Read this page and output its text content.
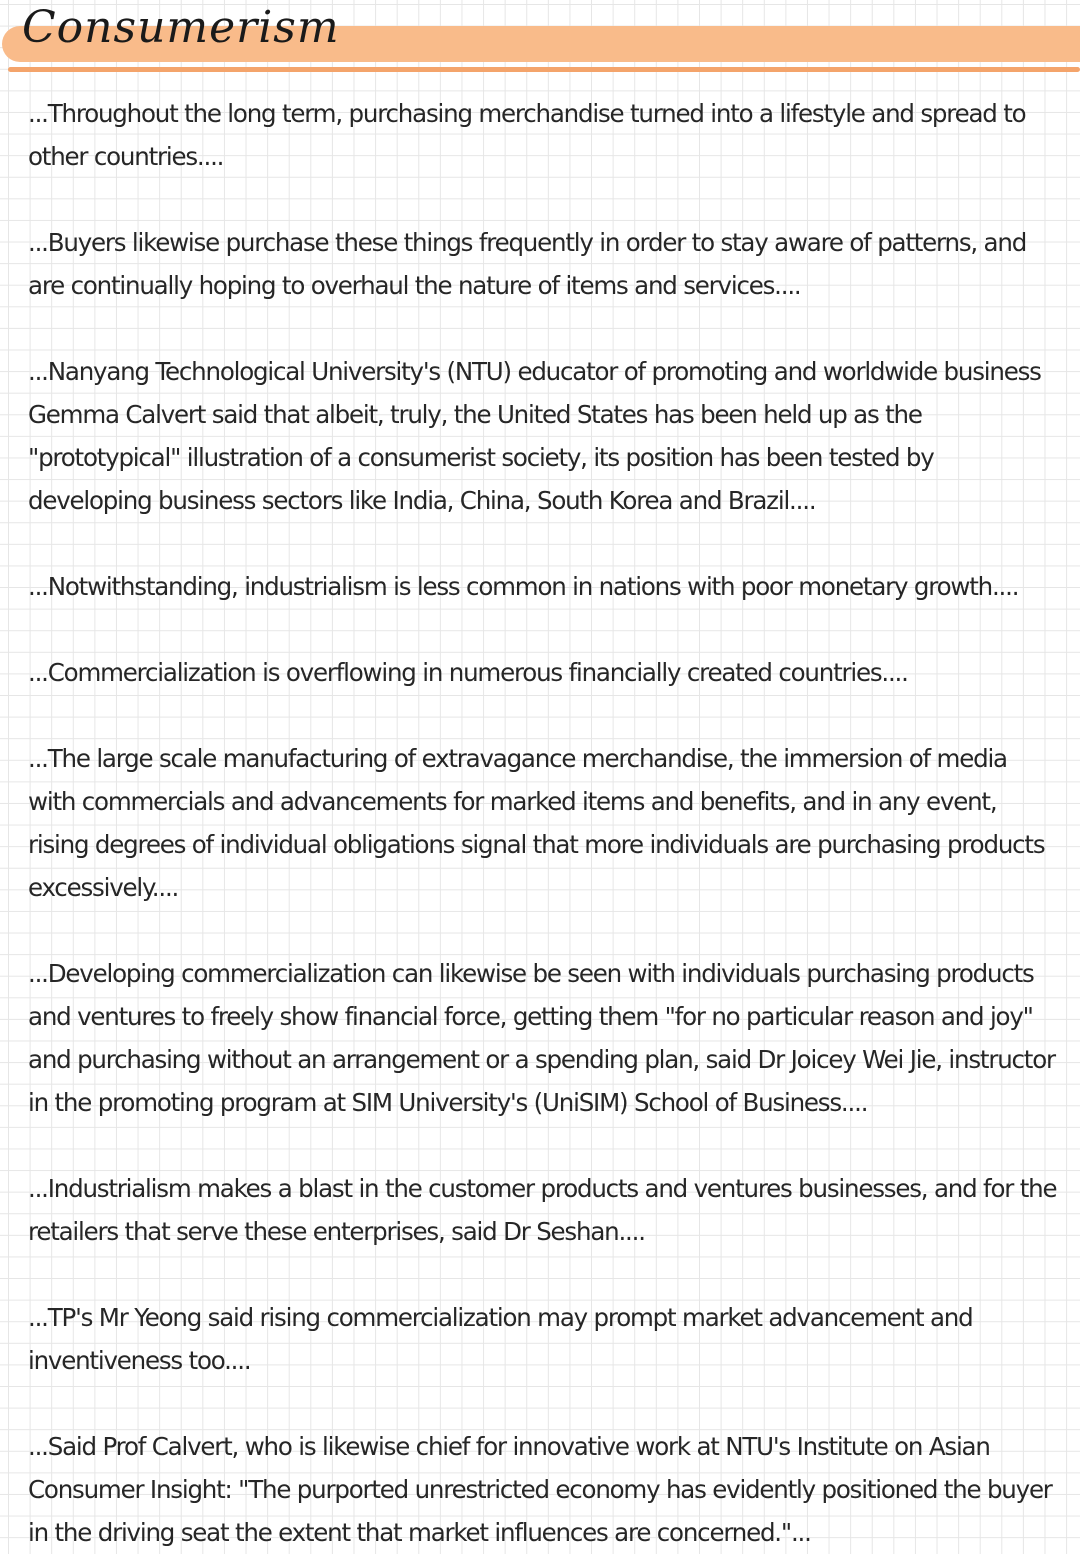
Consumerism

...Throughout the long term, purchasing merchandise turned into a lifestyle and spread to other countries....

...Buyers likewise purchase these things frequently in order to stay aware of patterns, and are continually hoping to overhaul the nature of items and services....

...Nanyang Technological University's (NTU) educator of promoting and worldwide business Gemma Calvert said that albeit, truly, the United States has been held up as the "prototypical" illustration of a consumerist society, its position has been tested by developing business sectors like India, China, South Korea and Brazil....

...Notwithstanding, industrialism is less common in nations with poor monetary growth....

...Commercialization is overflowing in numerous financially created countries....

...The large scale manufacturing of extravagance merchandise, the immersion of media with commercials and advancements for marked items and benefits, and in any event, rising degrees of individual obligations signal that more individuals are purchasing products excessively....

...Developing commercialization can likewise be seen with individuals purchasing products and ventures to freely show financial force, getting them "for no particular reason and joy" and purchasing without an arrangement or a spending plan, said Dr Joicey Wei Jie, instructor in the promoting program at SIM University's (UniSIM) School of Business....

...Industrialism makes a blast in the customer products and ventures businesses, and for the retailers that serve these enterprises, said Dr Seshan....

...TP's Mr Yeong said rising commercialization may prompt market advancement and inventiveness too....

...Said Prof Calvert, who is likewise chief for innovative work at NTU's Institute on Asian Consumer Insight: "The purported unrestricted economy has evidently positioned the buyer in the driving seat the extent that market influences are concerned."...
